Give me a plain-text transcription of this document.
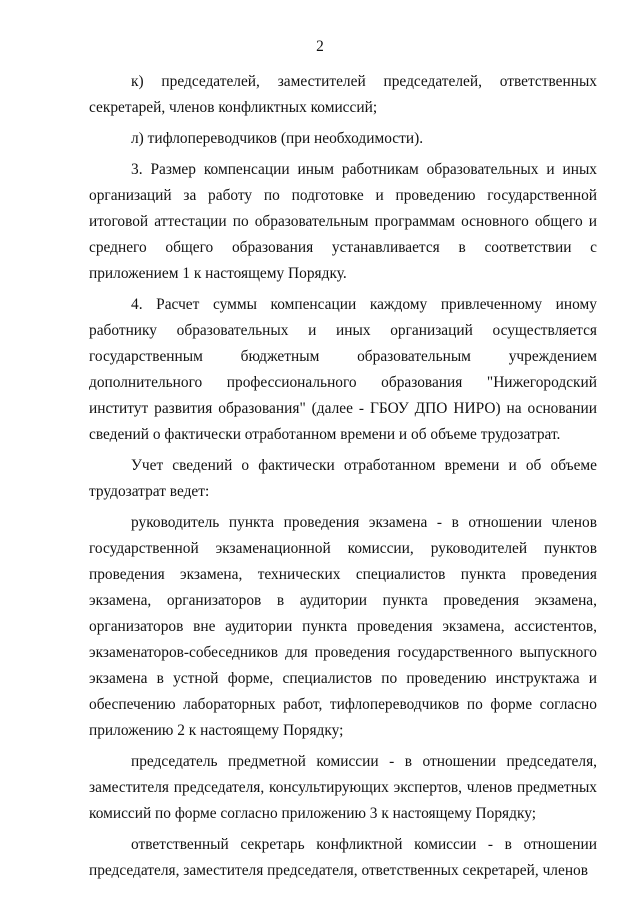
2

к) председателей, заместителей председателей, ответственных секретарей, членов конфликтных комиссий;

л) тифлопереводчиков (при необходимости).

3. Размер компенсации иным работникам образовательных и иных организаций за работу по подготовке и проведению государственной итоговой аттестации по образовательным программам основного общего и среднего общего образования устанавливается в соответствии с приложением 1 к настоящему Порядку.

4. Расчет суммы компенсации каждому привлеченному иному работнику образовательных и иных организаций осуществляется государственным бюджетным образовательным учреждением дополнительного профессионального образования "Нижегородский институт развития образования" (далее - ГБОУ ДПО НИРО) на основании сведений о фактически отработанном времени и об объеме трудозатрат.

Учет сведений о фактически отработанном времени и об объеме трудозатрат ведет:

руководитель пункта проведения экзамена - в отношении членов государственной экзаменационной комиссии, руководителей пунктов проведения экзамена, технических специалистов пункта проведения экзамена, организаторов в аудитории пункта проведения экзамена, организаторов вне аудитории пункта проведения экзамена, ассистентов, экзаменаторов-собеседников для проведения государственного выпускного экзамена в устной форме, специалистов по проведению инструктажа и обеспечению лабораторных работ, тифлопереводчиков по форме согласно приложению 2 к настоящему Порядку;

председатель предметной комиссии - в отношении председателя, заместителя председателя, консультирующих экспертов, членов предметных комиссий по форме согласно приложению 3 к настоящему Порядку;

ответственный секретарь конфликтной комиссии - в отношении председателя, заместителя председателя, ответственных секретарей, членов
